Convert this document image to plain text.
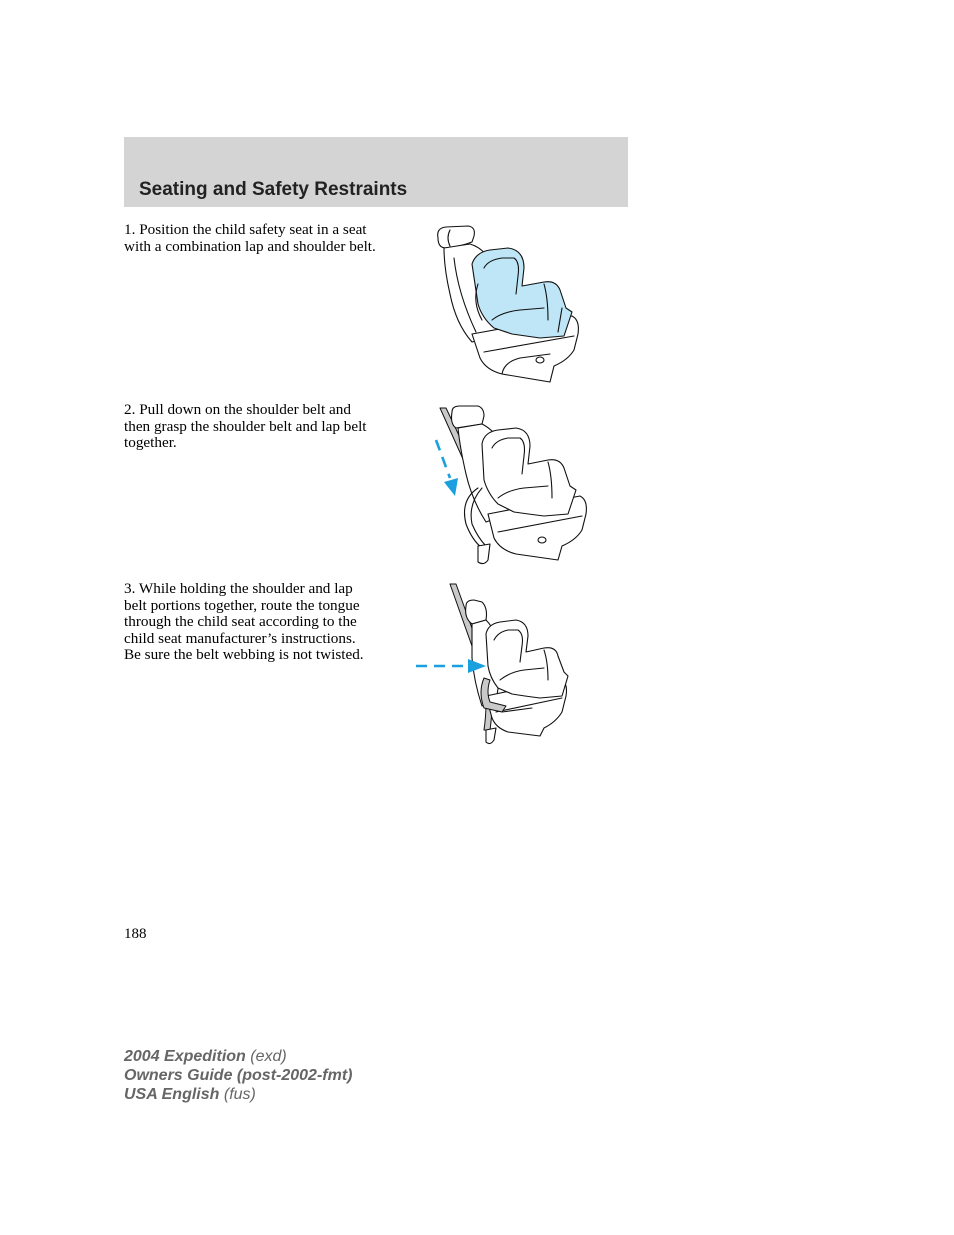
Seating and Safety Restraints

1. Position the child safety seat in a seat with a combination lap and shoulder belt.

2. Pull down on the shoulder belt and then grasp the shoulder belt and lap belt together.

3. While holding the shoulder and lap belt portions together, route the tongue through the child seat according to the child seat manufacturer’s instructions. Be sure the belt webbing is not twisted.

188

2004 Expedition (exd)
Owners Guide (post-2002-fmt)
USA English (fus)
